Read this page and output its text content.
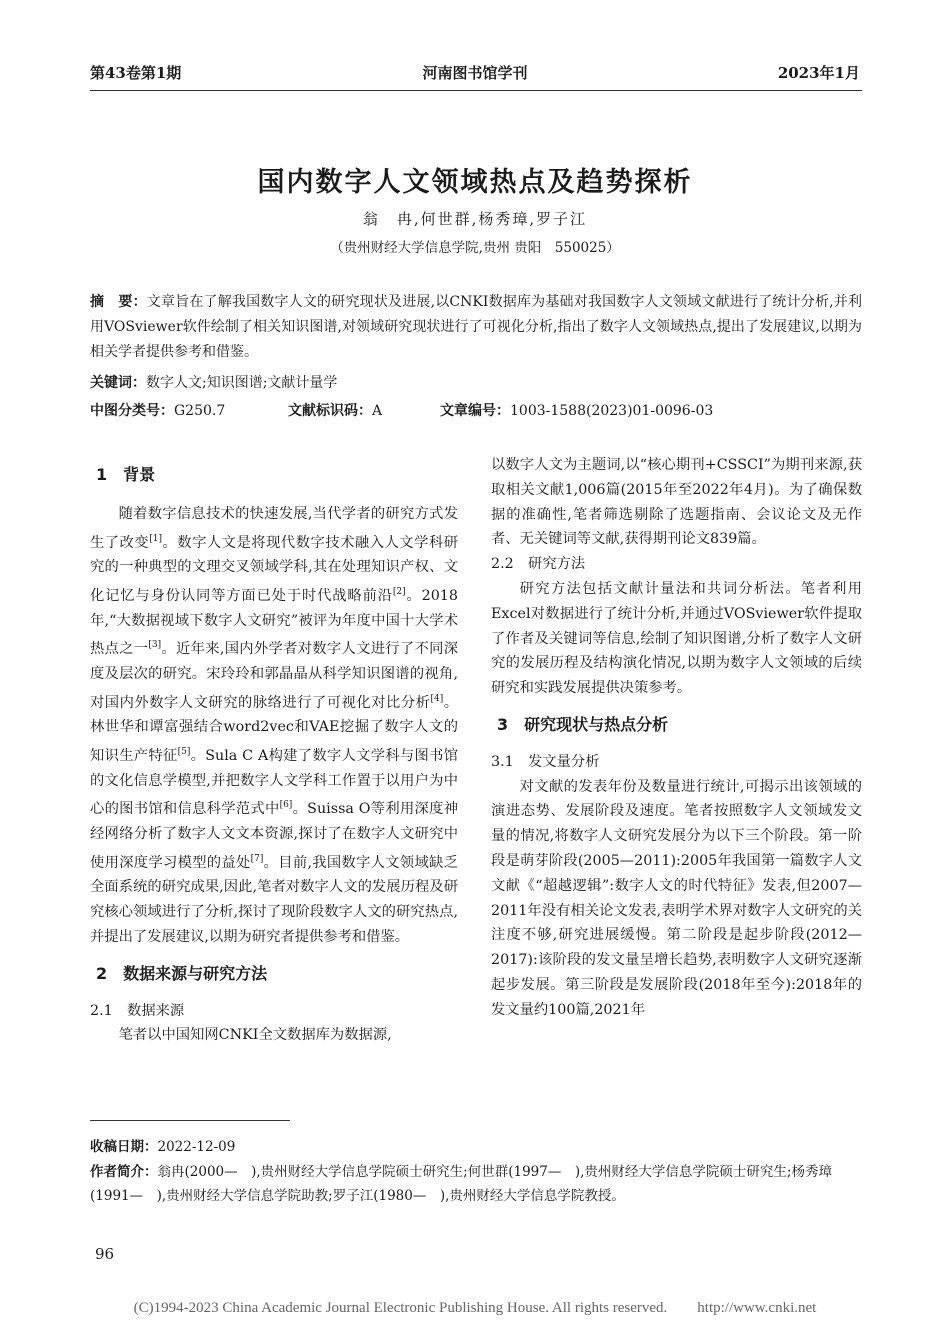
第43卷第1期	河南图书馆学刊	2023年1月
国内数字人文领域热点及趋势探析
翁　冉,何世群,杨秀璋,罗子江
（贵州财经大学信息学院,贵州 贵阳　550025）
摘　要：文章旨在了解我国数字人文的研究现状及进展,以CNKI数据库为基础对我国数字人文领域文献进行了统计分析,并利用VOSviewer软件绘制了相关知识图谱,对领域研究现状进行了可视化分析,指出了数字人文领域热点,提出了发展建议,以期为相关学者提供参考和借鉴。
关键词：数字人文;知识图谱;文献计量学
中图分类号：G250.7	文献标识码：A	文章编号：1003-1588(2023)01-0096-03
1　背景

随着数字信息技术的快速发展,当代学者的研究方式发生了改变[1]。数字人文是将现代数字技术融入人文学科研究的一种典型的文理交叉领域学科,其在处理知识产权、文化记忆与身份认同等方面已处于时代战略前沿[2]。2018年,“大数据视域下数字人文研究”被评为年度中国十大学术热点之一[3]。近年来,国内外学者对数字人文进行了不同深度及层次的研究。宋玲玲和郭晶晶从科学知识图谱的视角,对国内外数字人文研究的脉络进行了可视化对比分析[4]。林世华和谭富强结合word2vec和VAE挖掘了数字人文的知识生产特征[5]。Sula C A构建了数字人文学科与图书馆的文化信息学模型,并把数字人文学科工作置于以用户为中心的图书馆和信息科学范式中[6]。Suissa O等利用深度神经网络分析了数字人文文本资源,探讨了在数字人文研究中使用深度学习模型的益处[7]。目前,我国数字人文领域缺乏全面系统的研究成果,因此,笔者对数字人文的发展历程及研究核心领域进行了分析,探讨了现阶段数字人文的研究热点,并提出了发展建议,以期为研究者提供参考和借鉴。

2　数据来源与研究方法
2.1　数据来源

笔者以中国知网CNKI全文数据库为数据源,

以数字人文为主题词,以“核心期刊+CSSCI”为期刊来源,获取相关文献1,006篇(2015年至2022年4月)。为了确保数据的准确性,笔者筛选剔除了选题指南、会议论文及无作者、无关键词等文献,获得期刊论文839篇。
2.2　研究方法

研究方法包括文献计量法和共词分析法。笔者利用Excel对数据进行了统计分析,并通过VOSviewer软件提取了作者及关键词等信息,绘制了知识图谱,分析了数字人文研究的发展历程及结构演化情况,以期为数字人文领域的后续研究和实践发展提供决策参考。

3　研究现状与热点分析
3.1　发文量分析

对文献的发表年份及数量进行统计,可揭示出该领域的演进态势、发展阶段及速度。笔者按照数字人文领域发文量的情况,将数字人文研究发展分为以下三个阶段。第一阶段是萌芽阶段(2005—2011):2005年我国第一篇数字人文文献《“超越逻辑”:数字人文的时代特征》发表,但2007—2011年没有相关论文发表,表明学术界对数字人文研究的关注度不够,研究进展缓慢。第二阶段是起步阶段(2012—2017):该阶段的发文量呈增长趋势,表明数字人文研究逐渐起步发展。第三阶段是发展阶段(2018年至今):2018年的发文量约100篇,2021年

收稿日期：2022-12-09
作者简介：翁冉(2000—　),贵州财经大学信息学院硕士研究生;何世群(1997—　),贵州财经大学信息学院硕士研究生;杨秀璋(1991—　),贵州财经大学信息学院助教;罗子江(1980—　),贵州财经大学信息学院教授。
96
(C)1994-2023 China Academic Journal Electronic Publishing House. All rights reserved.　　http://www.cnki.net
